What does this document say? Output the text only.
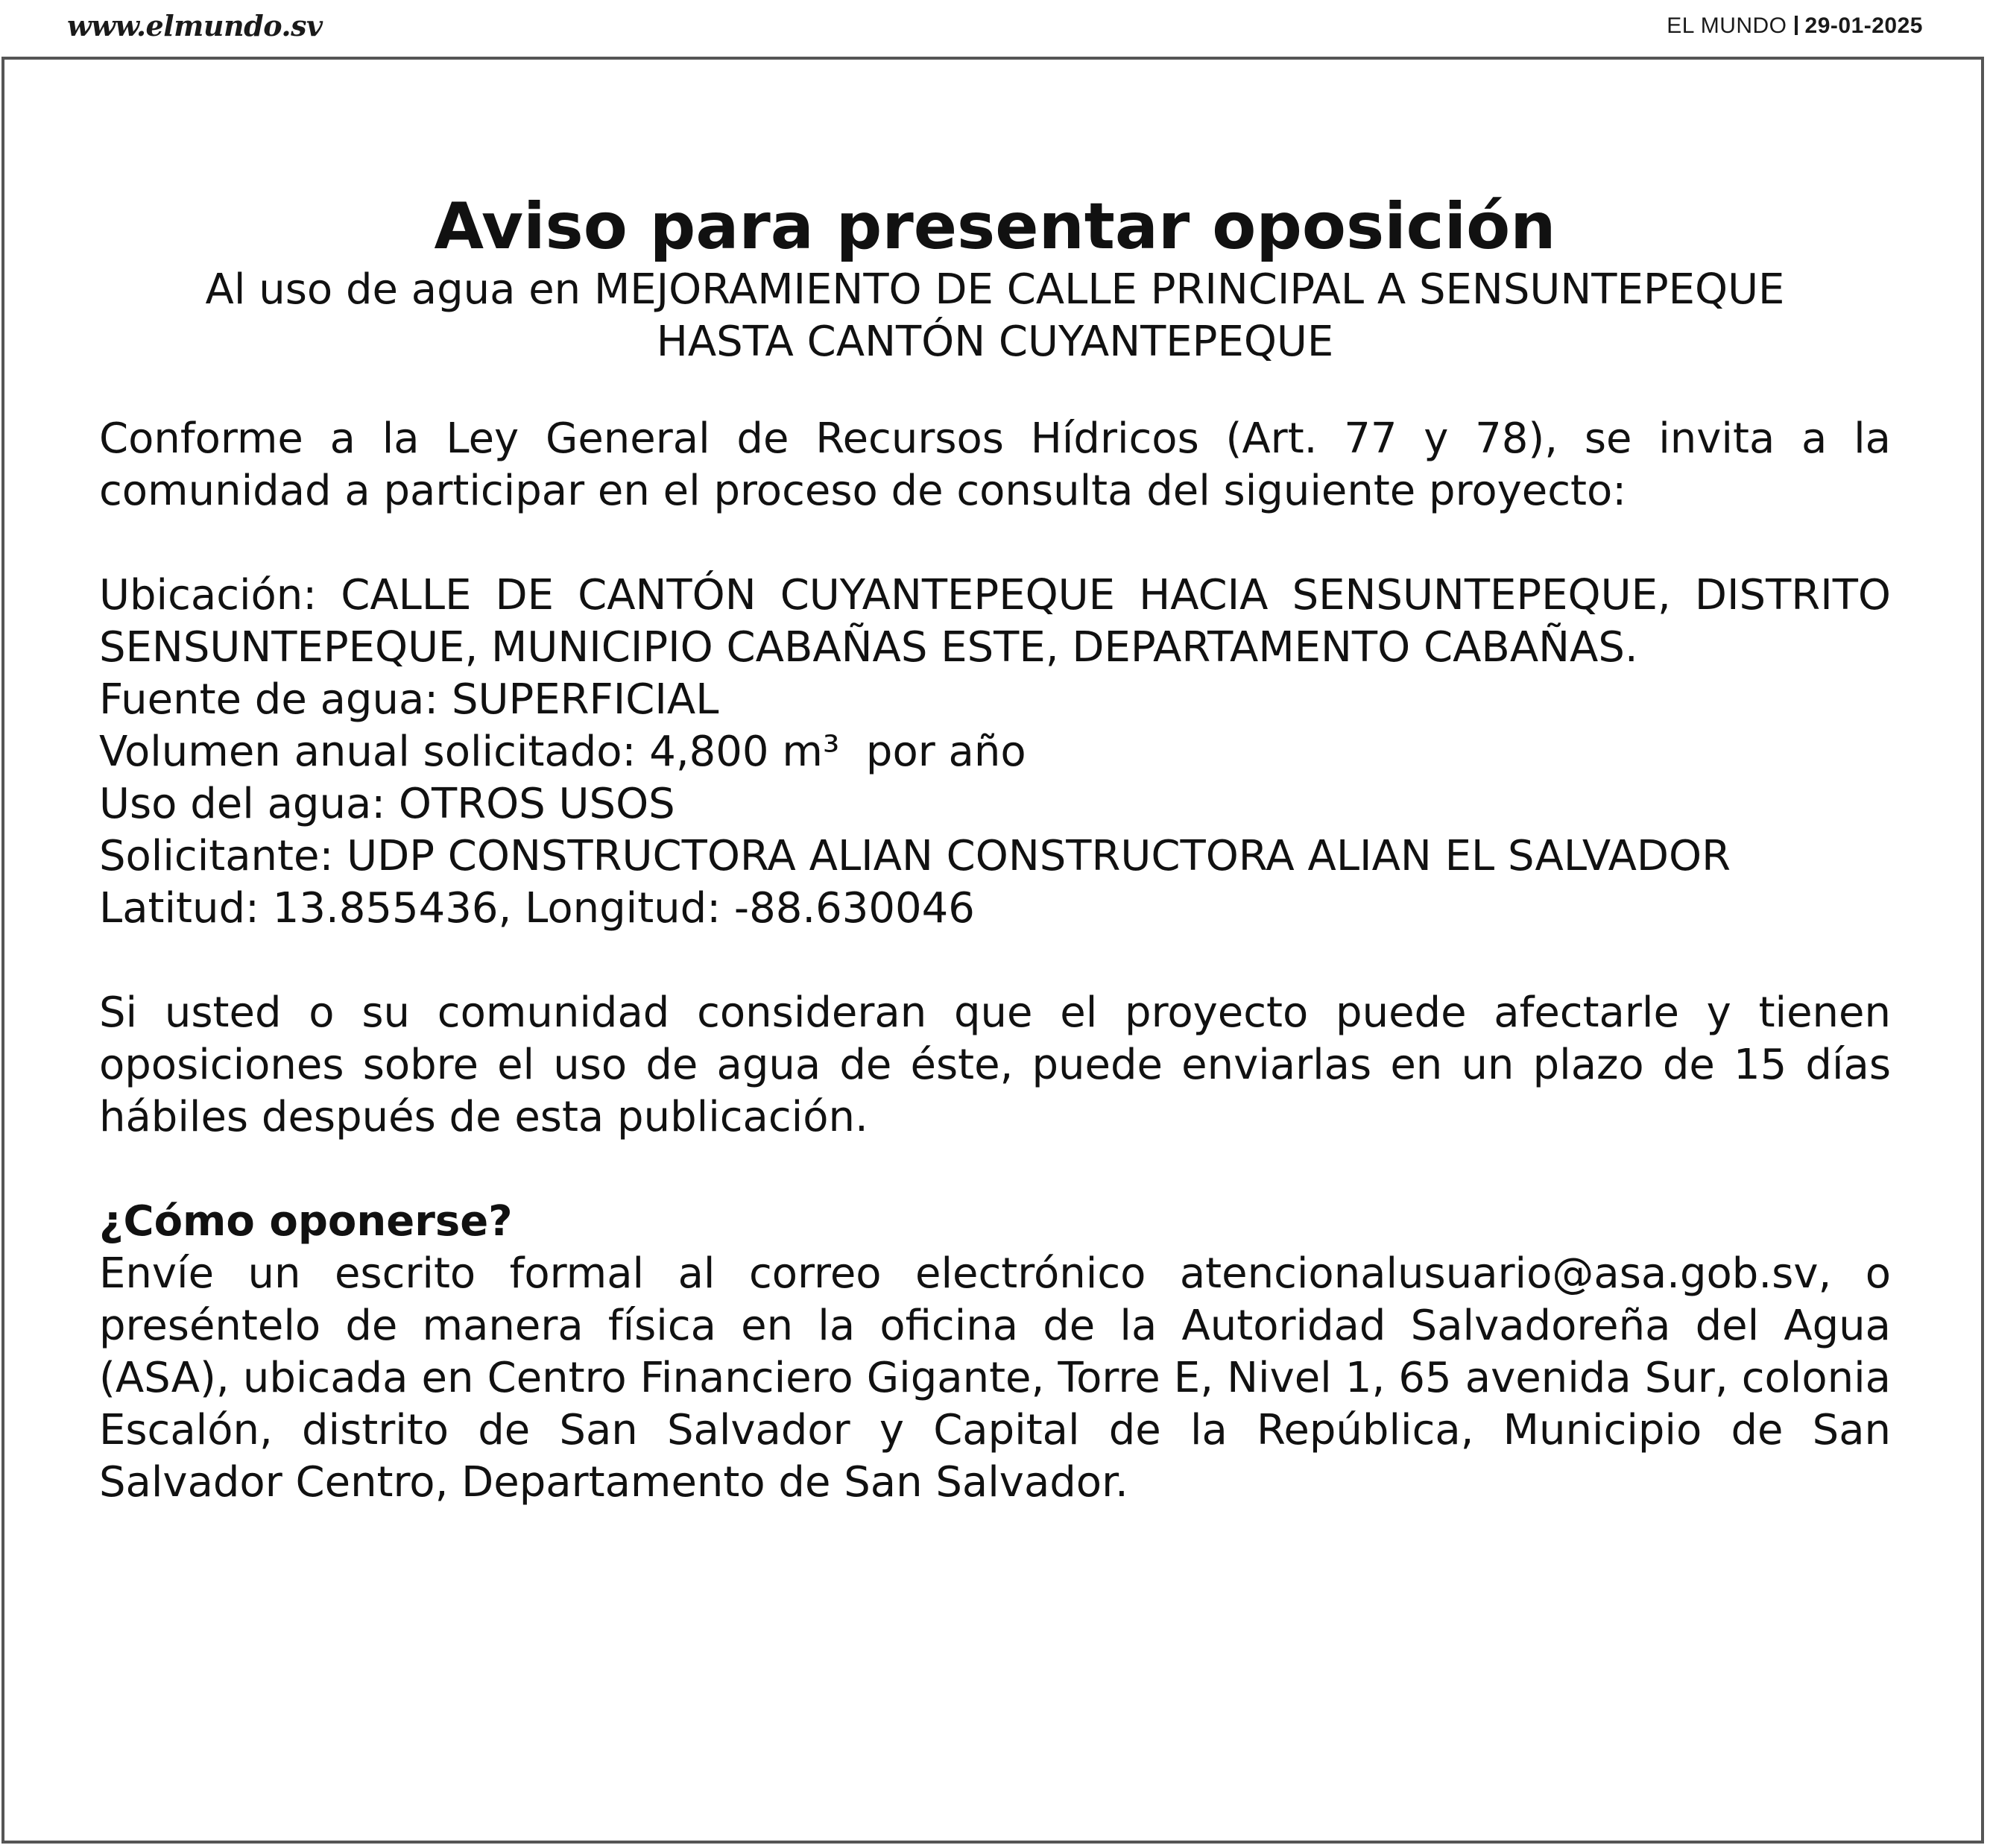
www.elmundo.sv	EL MUNDO 29-01-2025
Aviso para presentar oposición

Al uso de agua en MEJORAMIENTO DE CALLE PRINCIPAL A SENSUNTEPEQUE

HASTA CANTÓN CUYANTEPEQUE

Conforme a la Ley General de Recursos Hídricos (Art. 77 y 78), se invita a la comunidad a participar en el proceso de consulta del siguiente proyecto:

Ubicación: CALLE DE CANTÓN CUYANTEPEQUE HACIA SENSUNTEPEQUE, DISTRITO SENSUNTEPEQUE, MUNICIPIO CABAÑAS ESTE, DEPARTAMENTO CABAÑAS.

Fuente de agua: SUPERFICIAL

Volumen anual solicitado: 4,800 m³  por año

Uso del agua: OTROS USOS

Solicitante: UDP CONSTRUCTORA ALIAN CONSTRUCTORA ALIAN EL SALVADOR

Latitud: 13.855436, Longitud: -88.630046

Si usted o su comunidad consideran que el proyecto puede afectarle y tienen oposiciones sobre el uso de agua de éste, puede enviarlas en un plazo de 15 días hábiles después de esta publicación.

¿Cómo oponerse?

Envíe un escrito formal al correo electrónico atencionalusuario@asa.gob.sv, o preséntelo de manera física en la oficina de la Autoridad Salvadoreña del Agua (ASA), ubicada en Centro Financiero Gigante, Torre E, Nivel 1, 65 avenida Sur, colonia Escalón, distrito de San Salvador y Capital de la República, Municipio de San Salvador Centro, Departamento de San Salvador.
